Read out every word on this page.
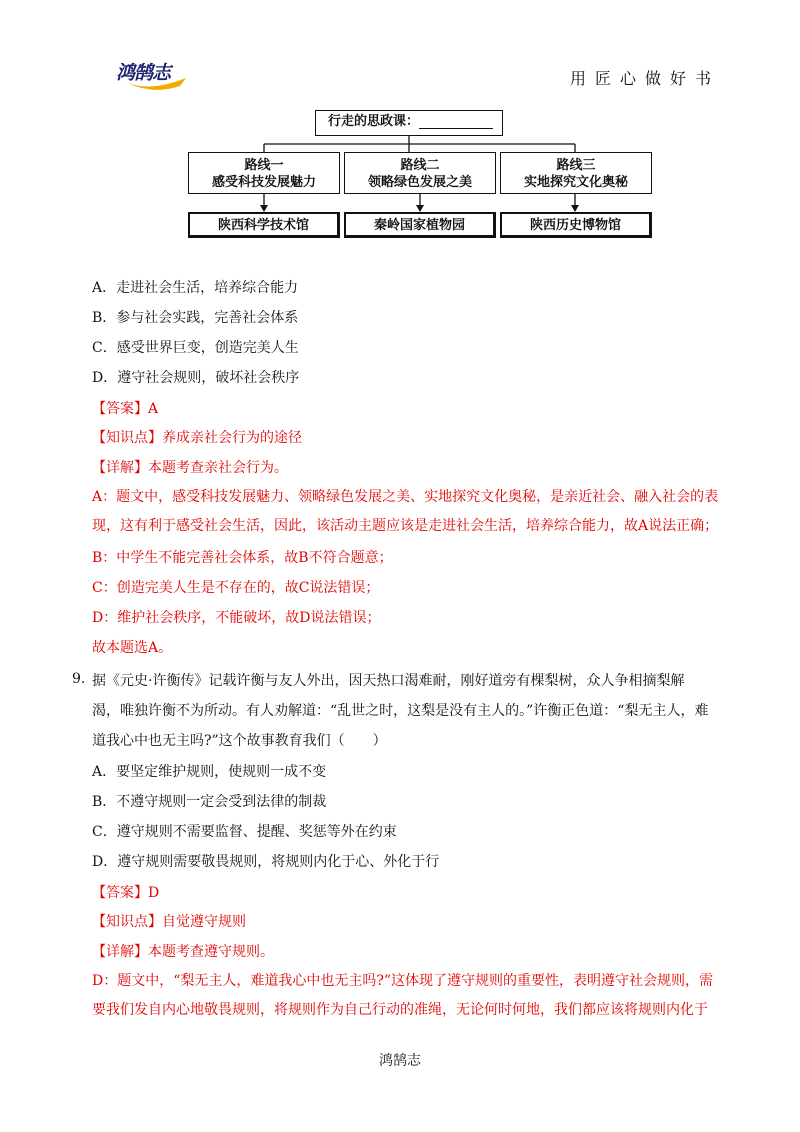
鸿鹄志	用匠心做好书
行走的思政课：
路线一
感受科技发展魅力
路线二
领略绿色发展之美
路线三
实地探究文化奥秘
陕西科学技术馆	秦岭国家植物园	陕西历史博物馆
A．走进社会生活，培养综合能力
B．参与社会实践，完善社会体系
C．感受世界巨变，创造完美人生
D．遵守社会规则，破坏社会秩序
【答案】A
【知识点】养成亲社会行为的途径
【详解】本题考查亲社会行为。
A：题文中，感受科技发展魅力、领略绿色发展之美、实地探究文化奥秘，是亲近社会、融入社会的表现，这有利于感受社会生活，因此，该活动主题应该是走进社会生活，培养综合能力，故A说法正确；
B：中学生不能完善社会体系，故B不符合题意；
C：创造完美人生是不存在的，故C说法错误；
D：维护社会秩序，不能破坏，故D说法错误；
故本题选A。
9. 据《元史·许衡传》记载许衡与友人外出，因天热口渴难耐，刚好道旁有棵梨树，众人争相摘梨解渴，唯独许衡不为所动。有人劝解道：“乱世之时，这梨是没有主人的。”许衡正色道：“梨无主人，难道我心中也无主吗?”这个故事教育我们（　　）
A．要坚定维护规则，使规则一成不变
B．不遵守规则一定会受到法律的制裁
C．遵守规则不需要监督、提醒、奖惩等外在约束
D．遵守规则需要敬畏规则，将规则内化于心、外化于行
【答案】D
【知识点】自觉遵守规则
【详解】本题考查遵守规则。
D：题文中，“梨无主人，难道我心中也无主吗?”这体现了遵守规则的重要性，表明遵守社会规则，需要我们发自内心地敬畏规则，将规则作为自己行动的准绳，无论何时何地，我们都应该将规则内化于
鸿鹄志
